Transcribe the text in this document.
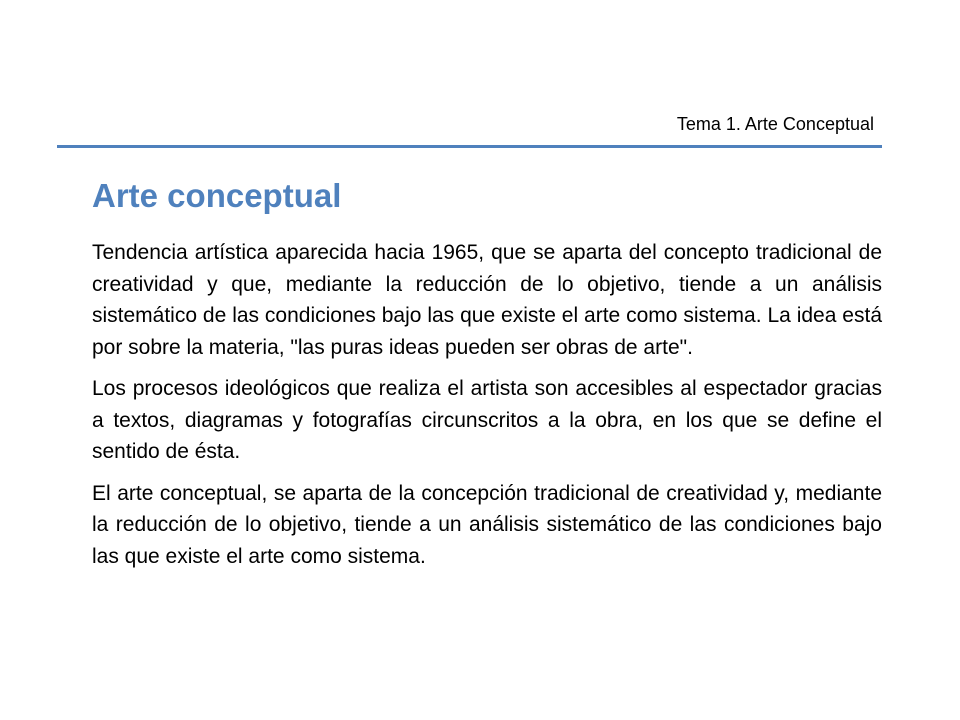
Tema 1. Arte Conceptual
Arte conceptual

Tendencia artística aparecida hacia 1965, que se aparta del concepto tradicional de creatividad y que, mediante la reducción de lo objetivo, tiende a un análisis sistemático de las condiciones bajo las que existe el arte como sistema. La idea está por sobre la materia, "las puras ideas pueden ser obras de arte".

Los procesos ideológicos que realiza el artista son accesibles al espectador gracias a textos, diagramas y fotografías circunscritos a la obra, en los que se define el sentido de ésta.

El arte conceptual, se aparta de la concepción tradicional de creatividad y, mediante la reducción de lo objetivo, tiende a un análisis sistemático de las condiciones bajo las que existe el arte como sistema.
